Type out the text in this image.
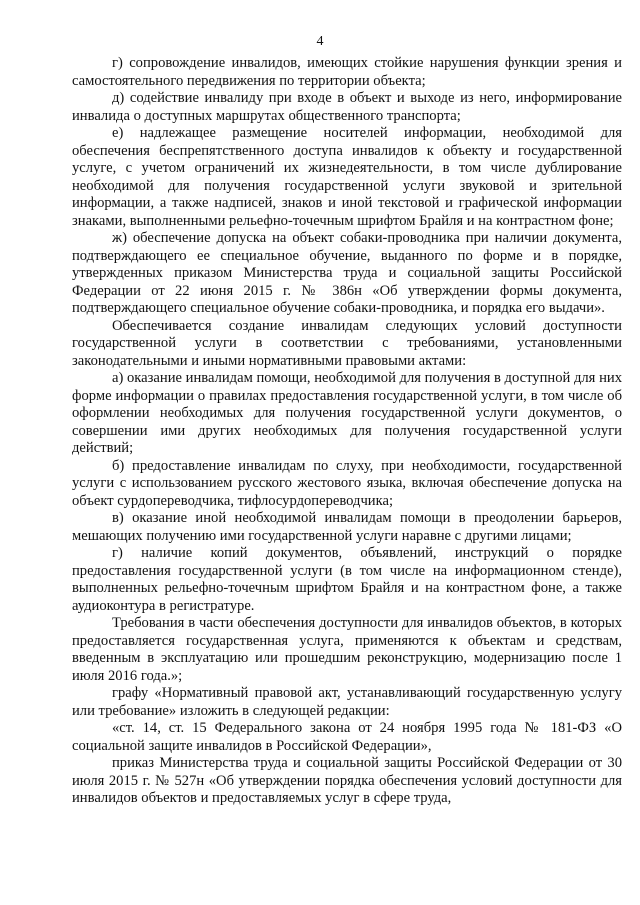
4

г) сопровождение инвалидов, имеющих стойкие нарушения функции зрения и самостоятельного передвижения по территории объекта;

д) содействие инвалиду при входе в объект и выходе из него, информирование инвалида о доступных маршрутах общественного транспорта;

е) надлежащее размещение носителей информации, необходимой для обеспечения беспрепятственного доступа инвалидов к объекту и государственной услуге, с учетом ограничений их жизнедеятельности, в том числе дублирование необходимой для получения государственной услуги звуковой и зрительной информации, а также надписей, знаков и иной текстовой и графической информации знаками, выполненными рельефно-точечным шрифтом Брайля и на контрастном фоне;

ж) обеспечение допуска на объект собаки-проводника при наличии документа, подтверждающего ее специальное обучение, выданного по форме и в порядке, утвержденных приказом Министерства труда и социальной защиты Российской Федерации от 22 июня 2015 г. № 386н «Об утверждении формы документа, подтверждающего специальное обучение собаки-проводника, и порядка его выдачи».

Обеспечивается создание инвалидам следующих условий доступности государственной услуги в соответствии с требованиями, установленными законодательными и иными нормативными правовыми актами:

а) оказание инвалидам помощи, необходимой для получения в доступной для них форме информации о правилах предоставления государственной услуги, в том числе об оформлении необходимых для получения государственной услуги документов, о совершении ими других необходимых для получения государственной услуги действий;

б) предоставление инвалидам по слуху, при необходимости, государственной услуги с использованием русского жестового языка, включая обеспечение допуска на объект сурдопереводчика, тифлосурдопереводчика;

в) оказание иной необходимой инвалидам помощи в преодолении барьеров, мешающих получению ими государственной услуги наравне с другими лицами;

г) наличие копий документов, объявлений, инструкций о порядке предоставления государственной услуги (в том числе на информационном стенде), выполненных рельефно-точечным шрифтом Брайля и на контрастном фоне, а также аудиоконтура в регистратуре.

Требования в части обеспечения доступности для инвалидов объектов, в которых предоставляется государственная услуга, применяются к объектам и средствам, введенным в эксплуатацию или прошедшим реконструкцию, модернизацию после 1 июля 2016 года.»;

графу «Нормативный правовой акт, устанавливающий государственную услугу или требование» изложить в следующей редакции:

«ст. 14, ст. 15 Федерального закона от 24 ноября 1995 года № 181-ФЗ «О социальной защите инвалидов в Российской Федерации»,

приказ Министерства труда и социальной защиты Российской Федерации от 30 июля 2015 г. № 527н «Об утверждении порядка обеспечения условий доступности для инвалидов объектов и предоставляемых услуг в сфере труда,
